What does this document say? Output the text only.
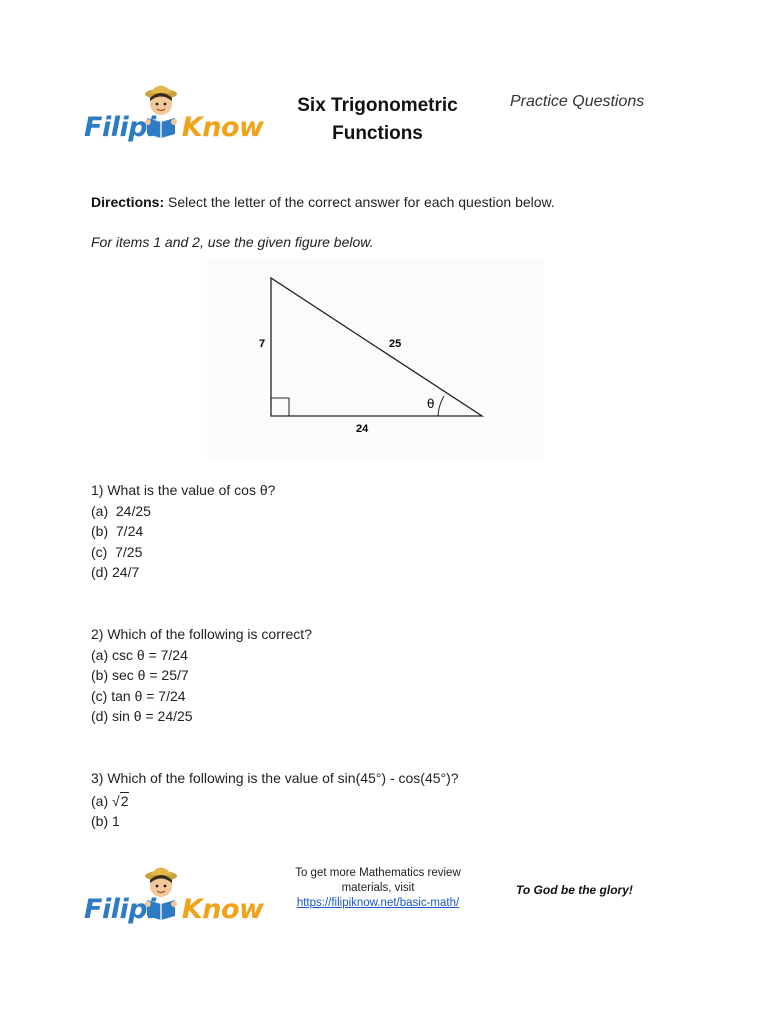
Filipi Know
Six Trigonometric
Functions
Practice Questions
Directions: Select the letter of the correct answer for each question below.
For items 1 and 2, use the given figure below.
7	25
24
θ
1) What is the value of cos θ?
(a)  24/25
(b)  7/24
(c)  7/25
(d) 24/7
2) Which of the following is correct?
(a) csc θ = 7/24
(b) sec θ = 25/7
(c) tan θ = 7/24
(d) sin θ = 24/25
3) Which of the following is the value of sin(45°) - cos(45°)?
(a) √2
(b) 1
Filipi Know
To get more Mathematics review
materials, visit
https://filipiknow.net/basic-math/
To God be the glory!
